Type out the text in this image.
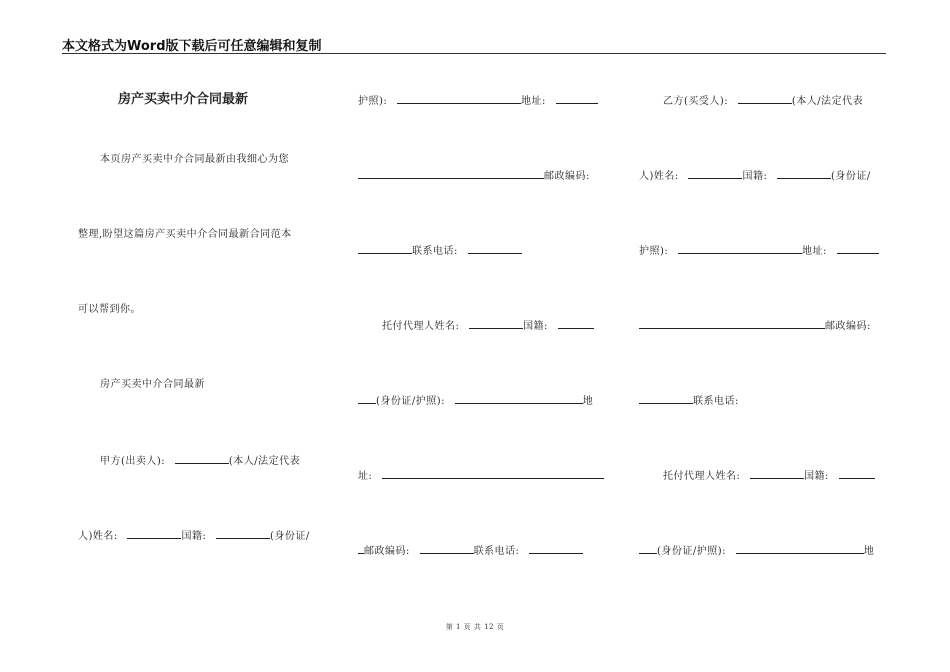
本文格式为Word版下载后可任意编辑和复制
房产买卖中介合同最新
本页房产买卖中介合同最新由我细心为您
整理,盼望这篇房产买卖中介合同最新合同范本
可以帮到你。
房产买卖中介合同最新
甲方(出卖人):	(本人/法定代表
人)姓名:	国籍:	(身份证/
护照):	地址:
邮政编码:
联系电话:
托付代理人姓名:	国籍:
(身份证/护照):	地
址:
邮政编码:	联系电话:
乙方(买受人):	(本人/法定代表
人)姓名:	国籍:	(身份证/
护照):	地址:
邮政编码:
联系电话:
托付代理人姓名:	国籍:
(身份证/护照):	地
第 1 页 共 12 页
